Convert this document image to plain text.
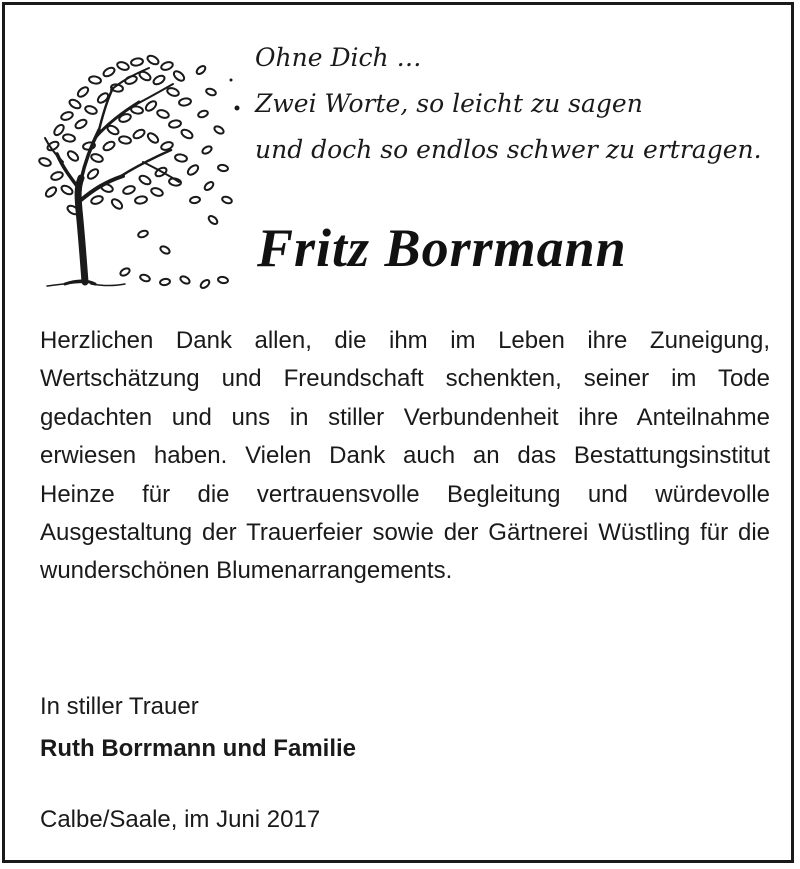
Ohne Dich …
Zwei Worte, so leicht zu sagen
und doch so endlos schwer zu ertragen.
Fritz Borrmann
Herzlichen Dank allen, die ihm im Leben ihre Zuneigung, Wertschätzung und Freundschaft schenkten, seiner im Tode gedachten und uns in stiller Verbundenheit ihre Anteilnahme erwiesen haben. Vielen Dank auch an das Bestattungsinstitut Heinze für die vertrauensvolle Begleitung und würdevolle Ausgestaltung der Trauerfeier sowie der Gärtnerei Wüstling für die wunderschönen Blumenarrangements.
In stiller Trauer
Ruth Borrmann und Familie
Calbe/Saale, im Juni 2017
